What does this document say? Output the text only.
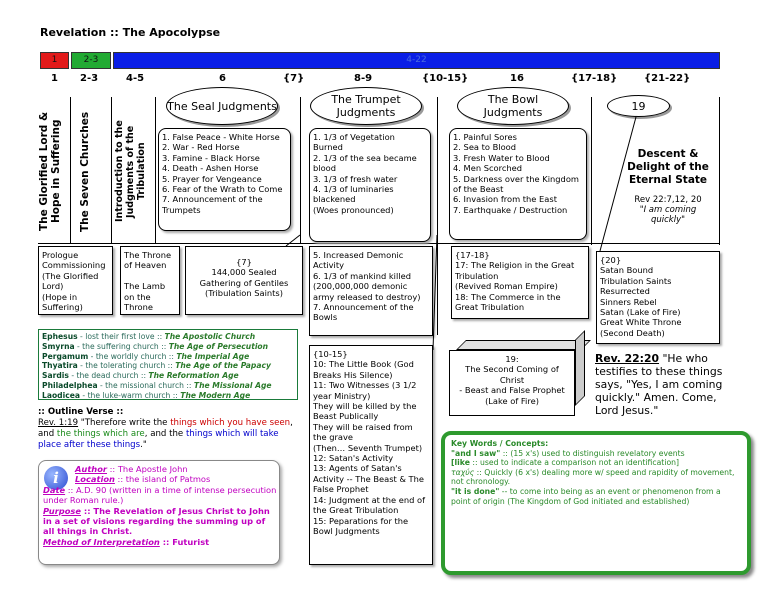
Revelation :: The Apocolypse
1	2-3	4-22
1 2-3	4-5	6	{7}	8-9	{10-15}	16	{17-18}	{21-22}
The Glorified Lord & Hope in Suffering	The Seven Churches	Introduction to the Judgments of the Tribulation
The Seal Judgments	The Trumpet Judgments
The Bowl Judgments	19
1. False Peace - White Horse
2. War - Red Horse
3. Famine - Black Horse
4. Death - Ashen Horse
5. Prayer for Vengeance
6. Fear of the Wrath to Come
7. Announcement of the Trumpets
1. 1/3 of Vegetation Burned
2. 1/3 of the sea became blood
3. 1/3 of fresh water
4. 1/3 of luminaries blackened
(Woes pronounced)
1. Painful Sores
2. Sea to Blood
3. Fresh Water to Blood
4. Men Scorched
5. Darkness over the Kingdom of the Beast
6. Invasion from the East
7. Earthquake / Destruction
Descent & Delight of the Eternal State
Rev 22:7,12, 20
"I am coming quickly"
Prologue
Commissioning
(The Glorified Lord)
(Hope in Suffering)
The Throne of Heaven

The Lamb on the Throne
{7}
144,000 Sealed
Gathering of Gentiles
(Tribulation Saints)
5. Increased Demonic Activity
6. 1/3 of mankind killed (200,000,000 demonic army released to destroy)
7. Announcement of the Bowls
{17-18}
17: The Religion in the Great Tribulation
(Revived Roman Empire)
18: The Commerce in the Great Tribulation
{20}
Satan Bound
Tribulation Saints Resurrected
Sinners Rebel
Satan (Lake of Fire)
Great White Throne
(Second Death)
{10-15}
10: The Little Book (God Breaks His Silence)
11: Two Witnesses (3 1/2 year Ministry)
They will be killed by the Beast Publically
They will be raised from the grave
(Then… Seventh Trumpet)
12: Satan's Activity
13: Agents of Satan's Activity -- The Beast & The False Prophet
14: Judgment at the end of the Great Tribulation
15: Peparations for the Bowl Judgments
19:
The Second Coming of Christ
- Beast and False Prophet (Lake of Fire)
Ephesus - lost their first love :: The Apostolic Church
Smyrna - the suffering church :: The Age of Persecution
Pergamum - the worldly church :: The Imperial Age
Thyatira - the tolerating church :: The Age of the Papacy
Sardis - the dead church :: The Reformation Age
Philadelphea - the missional church :: The Missional Age
Laodicea - the luke-warm church :: The Modern Age
:: Outline Verse ::
Rev. 1:19 "Therefore write the things which you have seen, and the things which are, and the things which will take place after these things."
i	Author :: The Apostle John
Location :: the island of Patmos
Date :: A.D. 90 (written in a time of intense persecution under Roman rule.)
Purpose :: The Revelation of Jesus Christ to John in a set of visions regarding the summing up of all things in Christ.
Method of Interpretation :: Futurist
Rev. 22:20 "He who testifies to these things says, "Yes, I am coming quickly." Amen. Come, Lord Jesus."
Key Words / Concepts:
"and I saw" :: (15 x's) used to distinguish revelatory events
[like :: used to indicate a comparison not an identification]
ταχύς :: Quickly (6 x's) dealing more w/ speed and rapidity of movement, not chronology.
"it is done" -- to come into being as an event or phenomenon from a point of origin (The Kingdom of God initiated and established)
